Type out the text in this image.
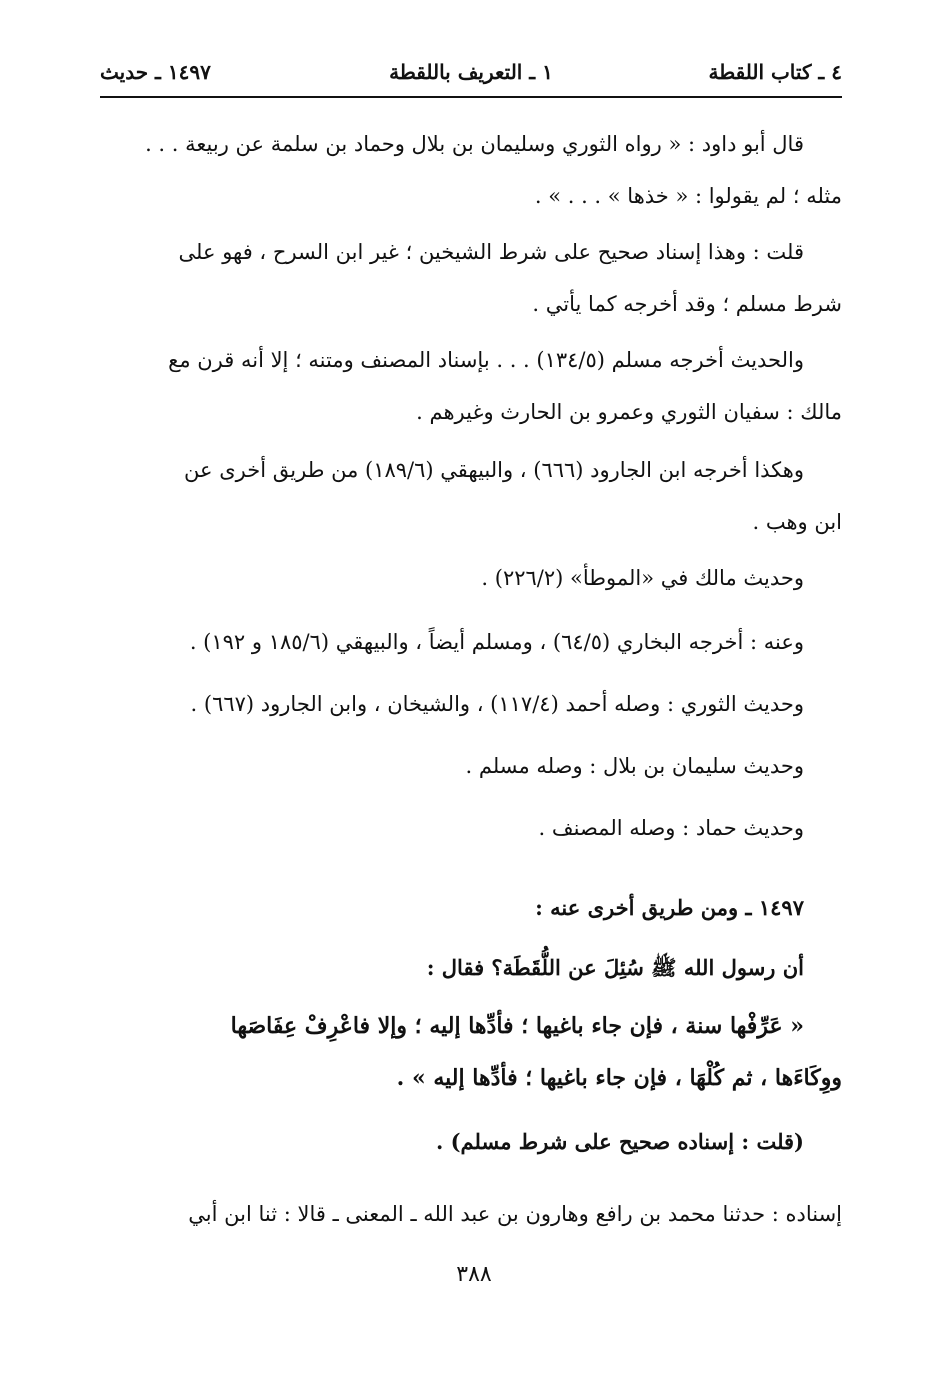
٤ ـ كتاب اللقطة
١ ـ التعريف باللقطة
١٤٩٧ ـ حديث
قال أبو داود : « رواه الثوري وسليمان بن بلال وحماد بن سلمة عن ربيعة . . .
مثله ؛ لم يقولوا : « خذها » . . . » .
قلت : وهذا إسناد صحيح على شرط الشيخين ؛ غير ابن السرح ، فهو على
شرط مسلم ؛ وقد أخرجه كما يأتي .
والحديث أخرجه مسلم (١٣٤/٥) . . . بإسناد المصنف ومتنه ؛ إلا أنه قرن مع
مالك : سفيان الثوري وعمرو بن الحارث وغيرهم .
وهكذا أخرجه ابن الجارود (٦٦٦) ، والبيهقي (١٨٩/٦) من طريق أخرى عن
ابن وهب .
وحديث مالك في «الموطأ» (٢٢٦/٢) .
وعنه : أخرجه البخاري (٦٤/٥) ، ومسلم أيضاً ، والبيهقي (١٨٥/٦ و ١٩٢) .
وحديث الثوري : وصله أحمد (١١٧/٤) ، والشيخان ، وابن الجارود (٦٦٧) .
وحديث سليمان بن بلال : وصله مسلم .
وحديث حماد : وصله المصنف .
١٤٩٧ ـ ومن طريق أخرى عنه :
أن رسول الله ﷺ سُئِلَ عن اللُّقَطَة؟ فقال :
« عَرِّفْها سنة ، فإن جاء باغيها ؛ فأدِّها إليه ؛ وإلا فاعْرِفْ عِفَاصَها
ووِكَاءَها ، ثم كُلْهَا ، فإن جاء باغيها ؛ فأدِّها إليه » .
(قلت : إسناده صحيح على شرط مسلم) .
إسناده : حدثنا محمد بن رافع وهارون بن عبد الله ـ المعنى ـ قالا : ثنا ابن أبي
٣٨٨
